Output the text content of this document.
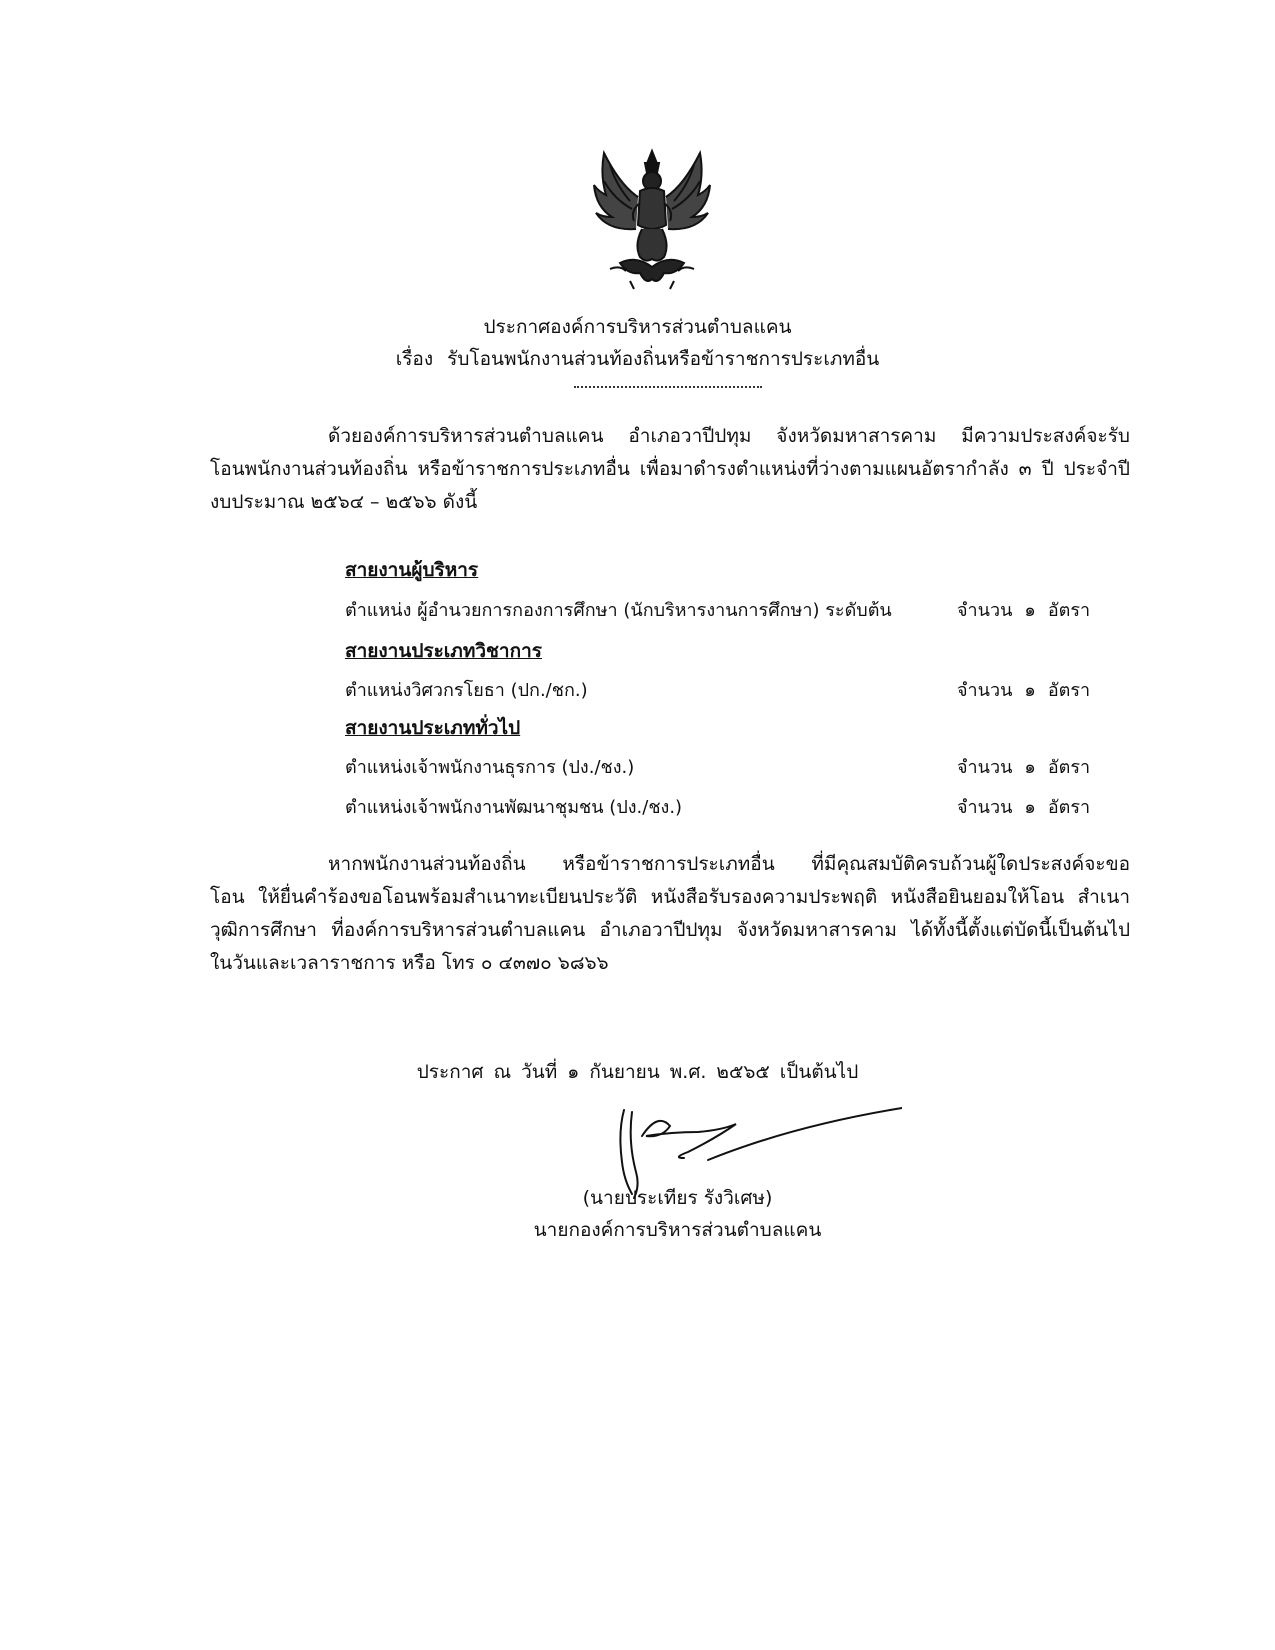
ประกาศองค์การบริหารส่วนตำบลแคน
เรื่อง รับโอนพนักงานส่วนท้องถิ่นหรือข้าราชการประเภทอื่น
ด้วยองค์การบริหารส่วนตำบลแคน อำเภอวาปีปทุม จังหวัดมหาสารคาม มีความประสงค์จะรับ
โอนพนักงานส่วนท้องถิ่น หรือข้าราชการประเภทอื่น เพื่อมาดำรงตำแหน่งที่ว่างตามแผนอัตรากำลัง ๓ ปี ประจำปี
งบประมาณ ๒๕๖๔ – ๒๕๖๖ ดังนี้
สายงานผู้บริหาร
ตำแหน่ง ผู้อำนวยการกองการศึกษา (นักบริหารงานการศึกษา) ระดับต้น	จำนวน ๑ อัตรา
สายงานประเภทวิชาการ
ตำแหน่งวิศวกรโยธา (ปก./ชก.)	จำนวน ๑ อัตรา
สายงานประเภททั่วไป
ตำแหน่งเจ้าพนักงานธุรการ (ปง./ชง.)	จำนวน ๑ อัตรา
ตำแหน่งเจ้าพนักงานพัฒนาชุมชน (ปง./ชง.)	จำนวน ๑ อัตรา
หากพนักงานส่วนท้องถิ่น หรือข้าราชการประเภทอื่น ที่มีคุณสมบัติครบถ้วนผู้ใดประสงค์จะขอ
โอน ให้ยื่นคำร้องขอโอนพร้อมสำเนาทะเบียนประวัติ หนังสือรับรองความประพฤติ หนังสือยินยอมให้โอน สำเนา
วุฒิการศึกษา ที่องค์การบริหารส่วนตำบลแคน อำเภอวาปีปทุม จังหวัดมหาสารคาม ได้ทั้งนี้ตั้งแต่บัดนี้เป็นต้นไป
ในวันและเวลาราชการ หรือ โทร ๐ ๔๓๗๐ ๖๘๖๖
ประกาศ ณ วันที่ ๑ กันยายน พ.ศ. ๒๕๖๕ เป็นต้นไป
(นายประเทียร รังวิเศษ)
นายกองค์การบริหารส่วนตำบลแคน
